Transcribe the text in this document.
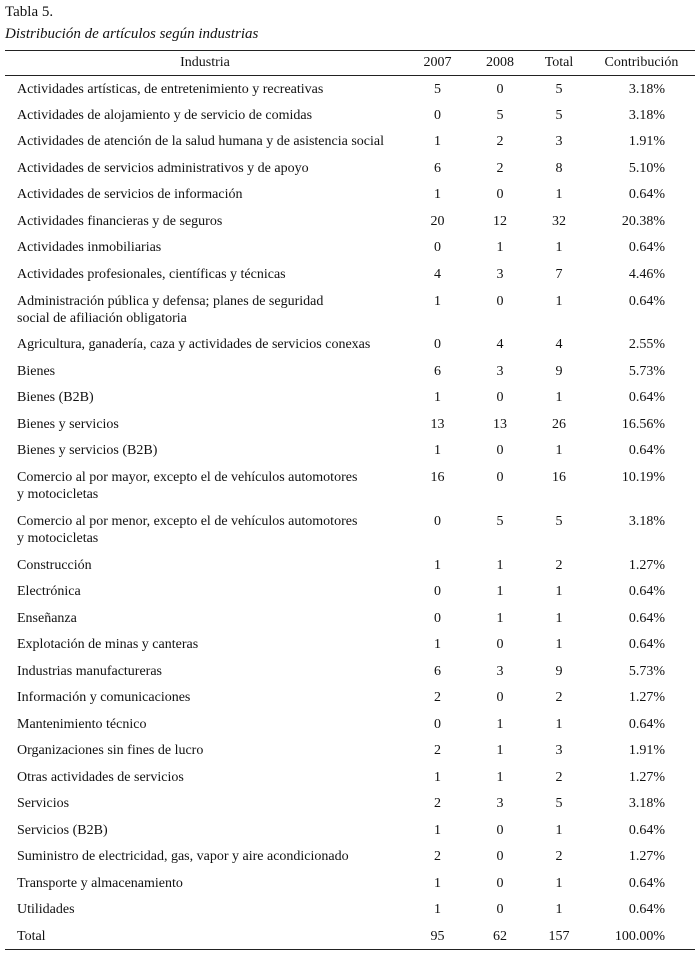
Tabla 5.
Distribución de artículos según industrias
Industria	2007	2008	Total	Contribución

Actividades artísticas, de entretenimiento y recreativas	5	0	5	3.18%

Actividades de alojamiento y de servicio de comidas	0	5	5	3.18%

Actividades de atención de la salud humana y de asistencia social	1	2	3	1.91%

Actividades de servicios administrativos y de apoyo	6	2	8	5.10%

Actividades de servicios de información	1	0	1	0.64%

Actividades financieras y de seguros	20	12	32	20.38%

Actividades inmobiliarias	0	1	1	0.64%

Actividades profesionales, científicas y técnicas	4	3	7	4.46%

Administración pública y defensa; planes de seguridad
social de afiliación obligatoria	1	0	1	0.64%

Agricultura, ganadería, caza y actividades de servicios conexas	0	4	4	2.55%

Bienes	6	3	9	5.73%

Bienes (B2B)	1	0	1	0.64%

Bienes y servicios	13	13	26	16.56%

Bienes y servicios (B2B)	1	0	1	0.64%

Comercio al por mayor, excepto el de vehículos automotores
y motocicletas	16	0	16	10.19%

Comercio al por menor, excepto el de vehículos automotores
y motocicletas	0	5	5	3.18%

Construcción	1	1	2	1.27%

Electrónica	0	1	1	0.64%

Enseñanza	0	1	1	0.64%

Explotación de minas y canteras	1	0	1	0.64%

Industrias manufactureras	6	3	9	5.73%

Información y comunicaciones	2	0	2	1.27%

Mantenimiento técnico	0	1	1	0.64%

Organizaciones sin fines de lucro	2	1	3	1.91%

Otras actividades de servicios	1	1	2	1.27%

Servicios	2	3	5	3.18%

Servicios (B2B)	1	0	1	0.64%

Suministro de electricidad, gas, vapor y aire acondicionado	2	0	2	1.27%

Transporte y almacenamiento	1	0	1	0.64%

Utilidades	1	0	1	0.64%

Total	95	62	157	100.00%
